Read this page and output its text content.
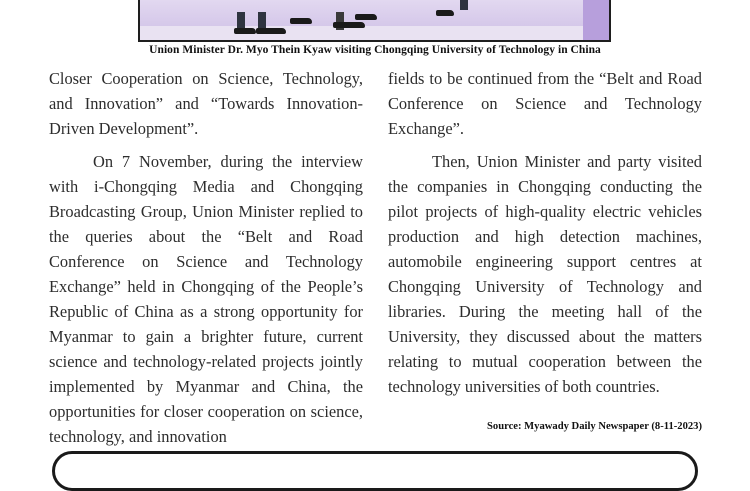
Union Minister Dr. Myo Thein Kyaw visiting Chongqing University of Technology in China

Closer Cooperation on Science, Technology, and Innovation” and “Towards Innovation-Driven Development”.

On 7 November, during the interview with i-Chongqing Media and Chongqing Broadcasting Group, Union Minister replied to the queries about the “Belt and Road Conference on Science and Technology Exchange” held in Chongqing of the People’s Republic of China as a strong opportunity for Myanmar to gain a brighter future, current science and technology-related projects jointly implemented by Myanmar and China, the opportunities for closer cooperation on science, technology, and innovation

fields to be continued from the “Belt and Road Conference on Science and Technology Exchange”.

Then, Union Minister and party visited the companies in Chongqing conducting the pilot projects of high-quality electric vehicles production and high detection machines, automobile engineering support centres at Chongqing University of Technology and libraries. During the meeting hall of the University, they discussed about the matters relating to mutual cooperation between the technology universities of both countries.

Source: Myawady Daily Newspaper (8-11-2023)
